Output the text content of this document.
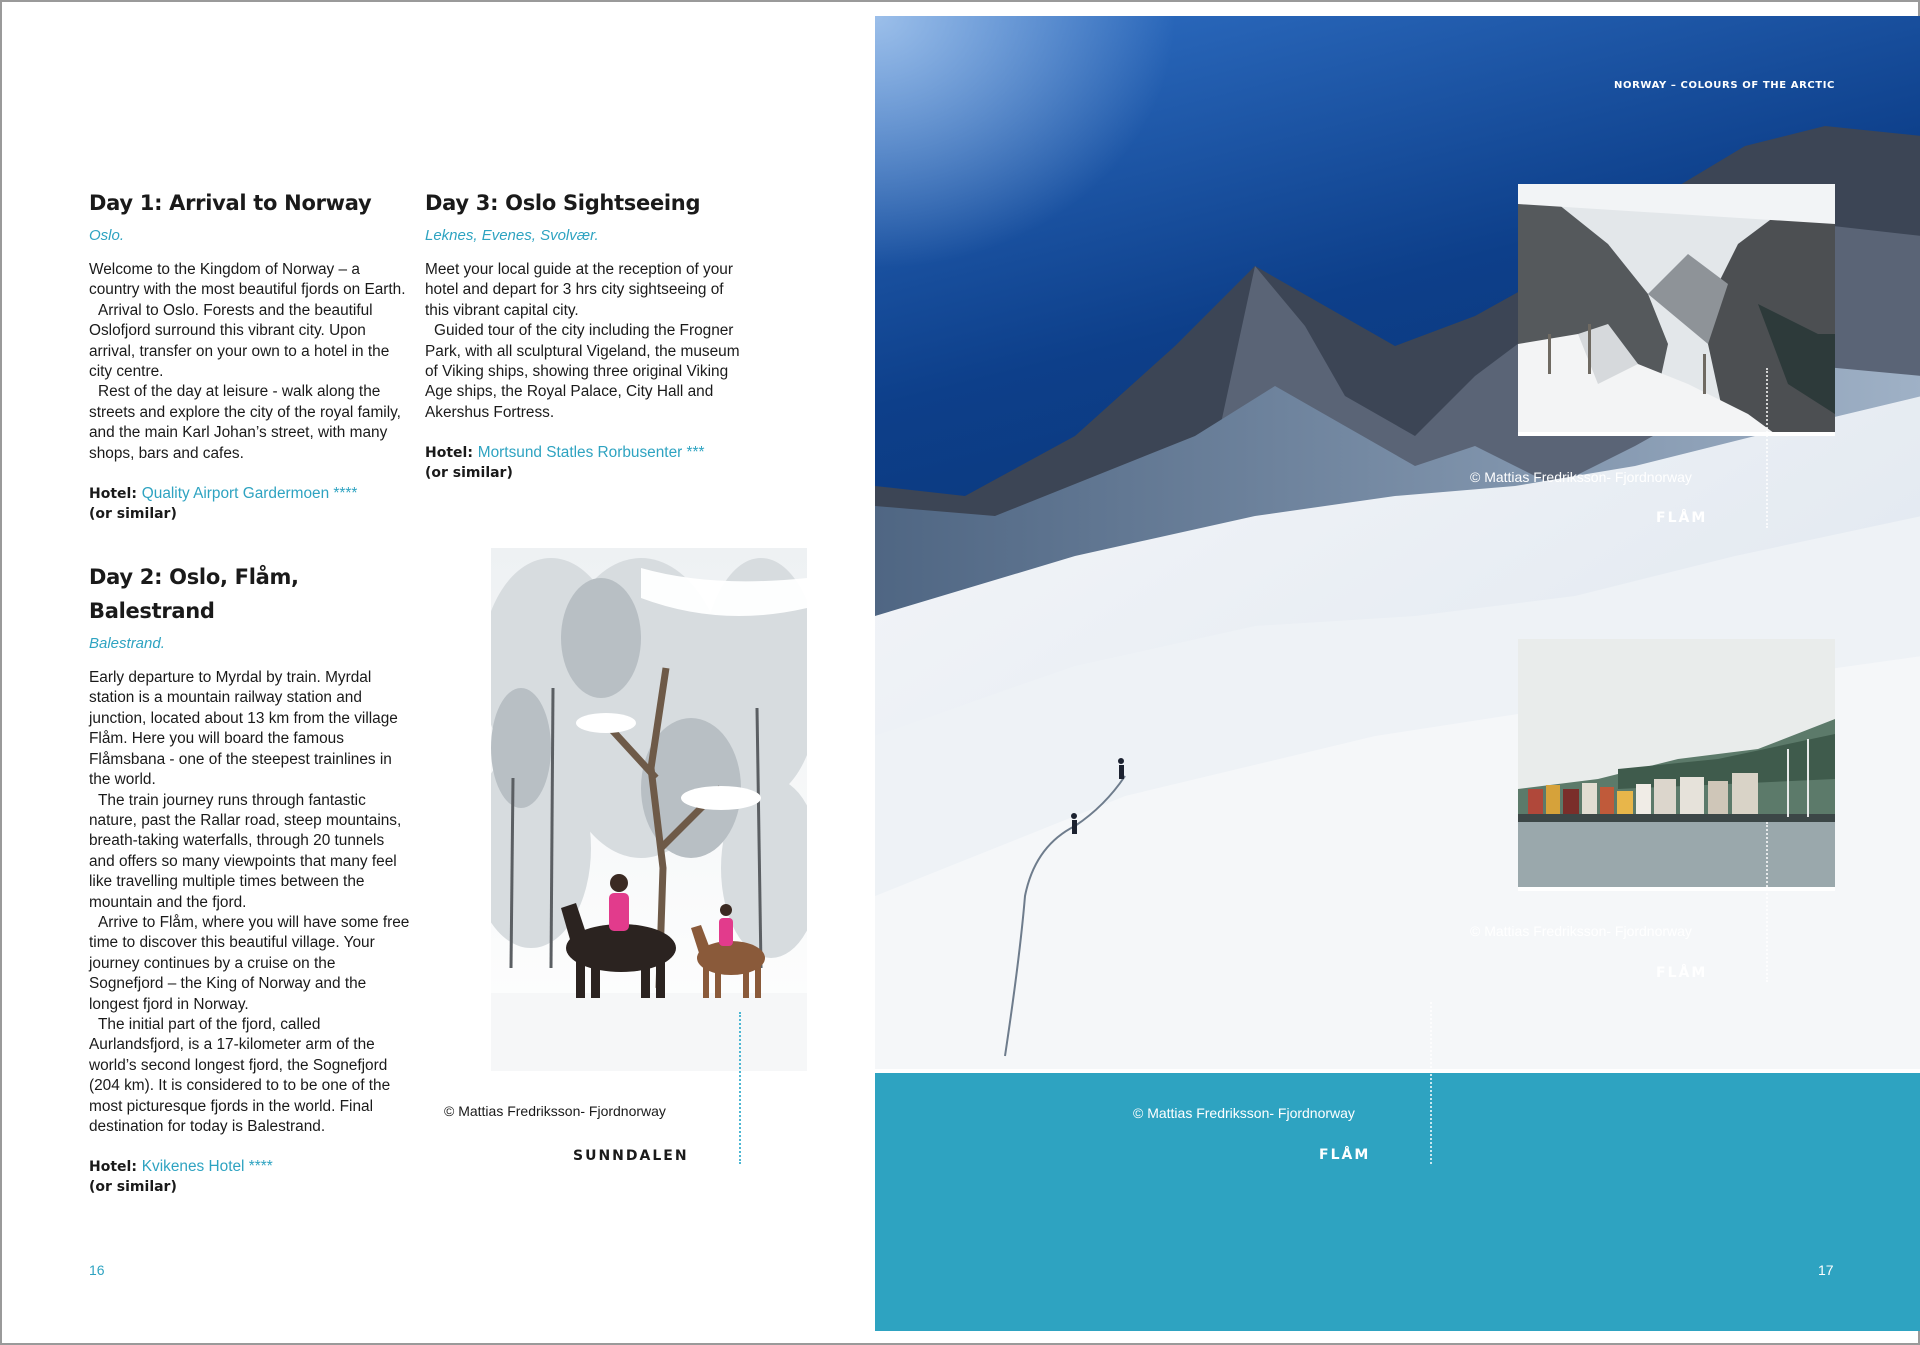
Day 1: Arrival to Norway
Oslo.

Welcome to the Kingdom of Norway – a country with the most beautiful fjords on Earth.

Arrival to Oslo. Forests and the beautiful Oslofjord surround this vibrant city. Upon arrival, transfer on your own to a hotel in the city centre.

Rest of the day at leisure - walk along the streets and explore the city of the royal family, and the main Karl Johan’s street, with many shops, bars and cafes.

Hotel: Quality Airport Gardermoen ****
(or similar)
Day 2: Oslo, Flåm, Balestrand
Balestrand.

Early departure to Myrdal by train. Myrdal station is a mountain railway station and junction, located about 13 km from the village Flåm. Here you will board the famous Flåmsbana - one of the steepest trainlines in the world.

The train journey runs through fantastic nature, past the Rallar road, steep mountains, breath-taking waterfalls, through 20 tunnels and offers so many viewpoints that many feel like travelling multiple times between the mountain and the fjord.

Arrive to Flåm, where you will have some free time to discover this beautiful village. Your journey continues by a cruise on the Sognefjord – the King of Norway and the longest fjord in Norway.

The initial part of the fjord, called Aurlandsfjord, is a 17-kilometer arm of the world’s second longest fjord, the Sognefjord (204 km). It is considered to to be one of the most picturesque fjords in the world. Final destination for today is Balestrand.

Hotel: Kvikenes Hotel ****
(or similar)
Day 3: Oslo Sightseeing
Leknes, Evenes, Svolvær.

Meet your local guide at the reception of your hotel and depart for 3 hrs city sightseeing of this vibrant capital city.

Guided tour of the city including the Frogner Park, with all sculptural Vigeland, the museum of Viking ships, showing three original Viking Age ships, the Royal Palace, City Hall and Akershus Fortress.

Hotel: Mortsund Statles Rorbusenter ***
(or similar)
© Mattias Fredriksson- Fjordnorway
SUNNDALEN
16
NORWAY – COLOURS OF THE ARCTIC
© Mattias Fredriksson- Fjordnorway
FLÅM
© Mattias Fredriksson- Fjordnorway
FLÅM
© Mattias Fredriksson- Fjordnorway
FLÅM
17
